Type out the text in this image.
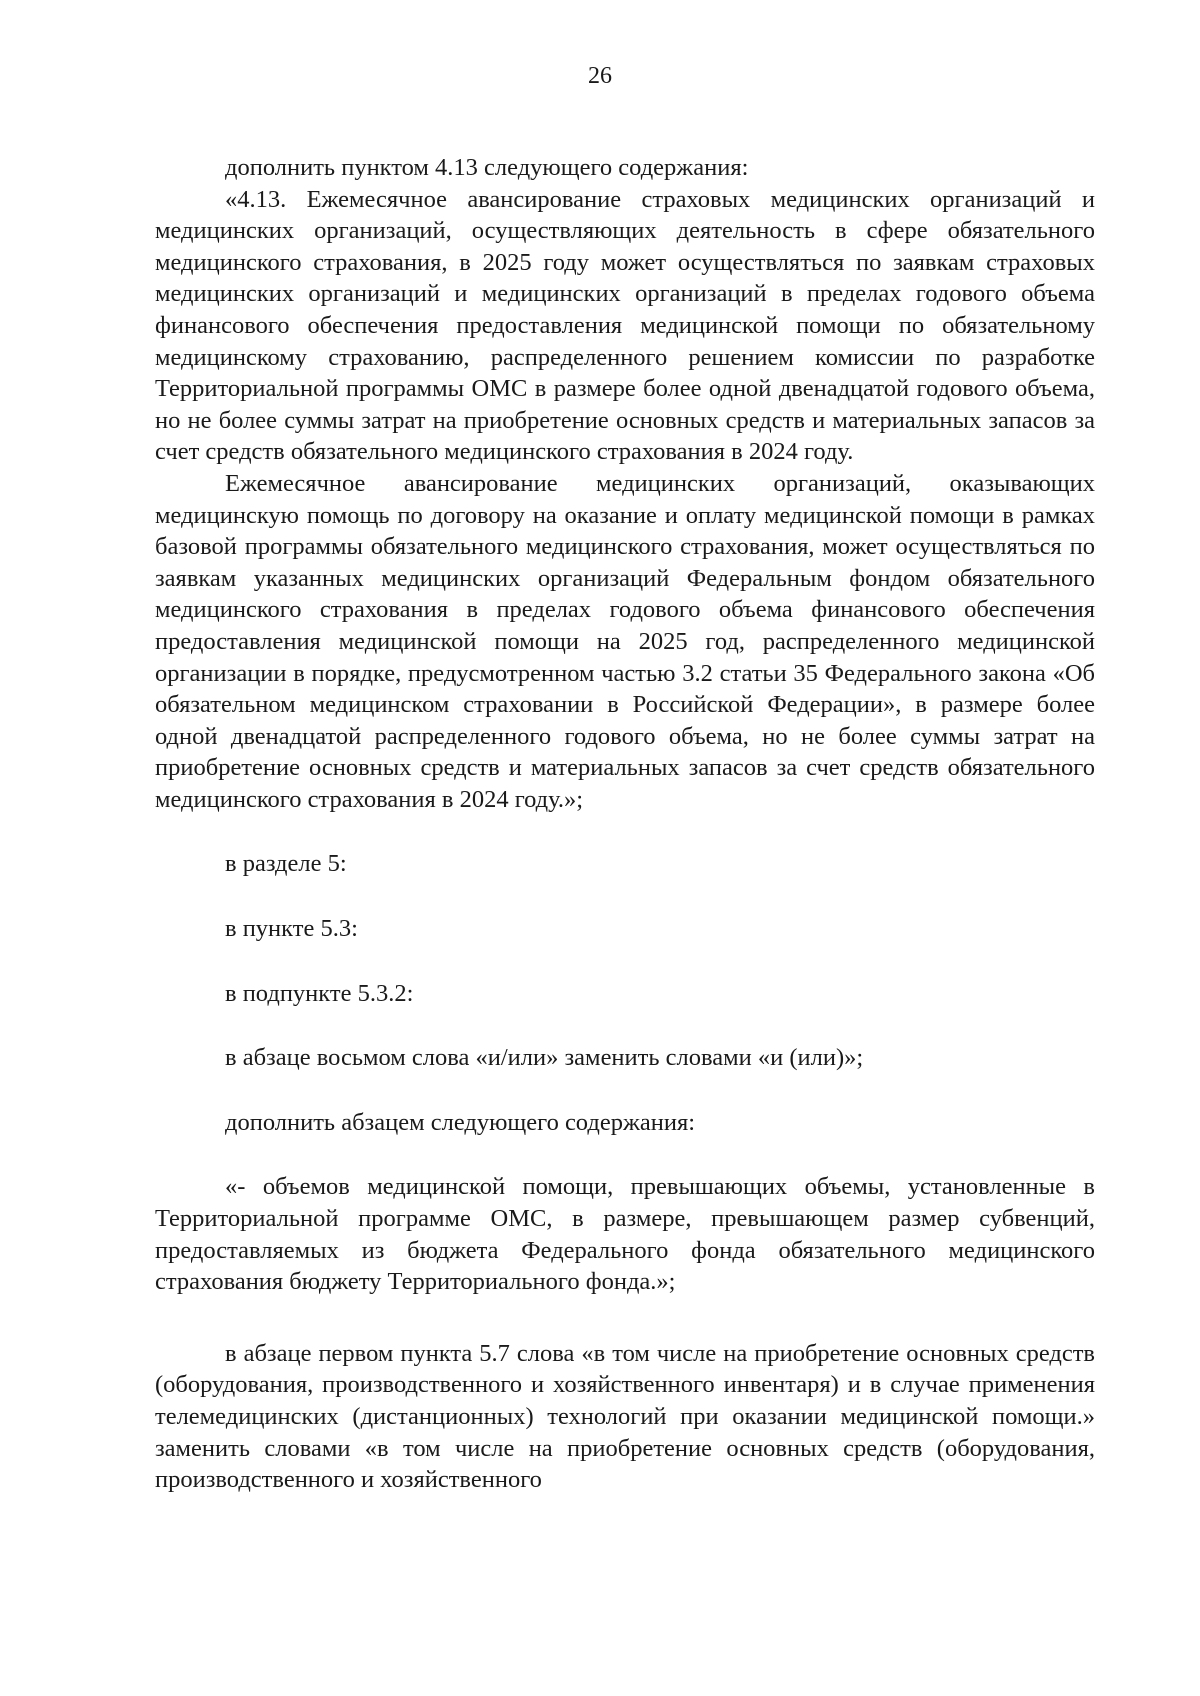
26

дополнить пунктом 4.13 следующего содержания:

«4.13. Ежемесячное авансирование страховых медицинских организаций и медицинских организаций, осуществляющих деятельность в сфере обязательного медицинского страхования, в 2025 году может осуществляться по заявкам страховых медицинских организаций и медицинских организаций в пределах годового объема финансового обеспечения предоставления медицинской помощи по обязательному медицинскому страхованию, распределенного решением комиссии по разработке Территориальной программы ОМС в размере более одной двенадцатой годового объема, но не более суммы затрат на приобретение основных средств и материальных запасов за счет средств обязательного медицинского страхования в 2024 году.

Ежемесячное авансирование медицинских организаций, оказывающих медицинскую помощь по договору на оказание и оплату медицинской помощи в рамках базовой программы обязательного медицинского страхования, может осуществляться по заявкам указанных медицинских организаций Федеральным фондом обязательного медицинского страхования в пределах годового объема финансового обеспечения предоставления медицинской помощи на 2025 год, распределенного медицинской организации в порядке, предусмотренном частью 3.2 статьи 35 Федерального закона «Об обязательном медицинском страховании в Российской Федерации», в размере более одной двенадцатой распределенного годового объема, но не более суммы затрат на приобретение основных средств и материальных запасов за счет средств обязательного медицинского страхования в 2024 году.»;

в разделе 5:

в пункте 5.3:

в подпункте 5.3.2:

в абзаце восьмом слова «и/или» заменить словами «и (или)»;

дополнить абзацем следующего содержания:

«- объемов медицинской помощи, превышающих объемы, установленные в Территориальной программе ОМС, в размере, превышающем размер субвенций, предоставляемых из бюджета Федерального фонда обязательного медицинского страхования бюджету Территориального фонда.»;

в абзаце первом пункта 5.7 слова «в том числе на приобретение основных средств (оборудования, производственного и хозяйственного инвентаря) и в случае применения телемедицинских (дистанционных) технологий при оказании медицинской помощи.» заменить словами «в том числе на приобретение основных средств (оборудования, производственного и хозяйственного
